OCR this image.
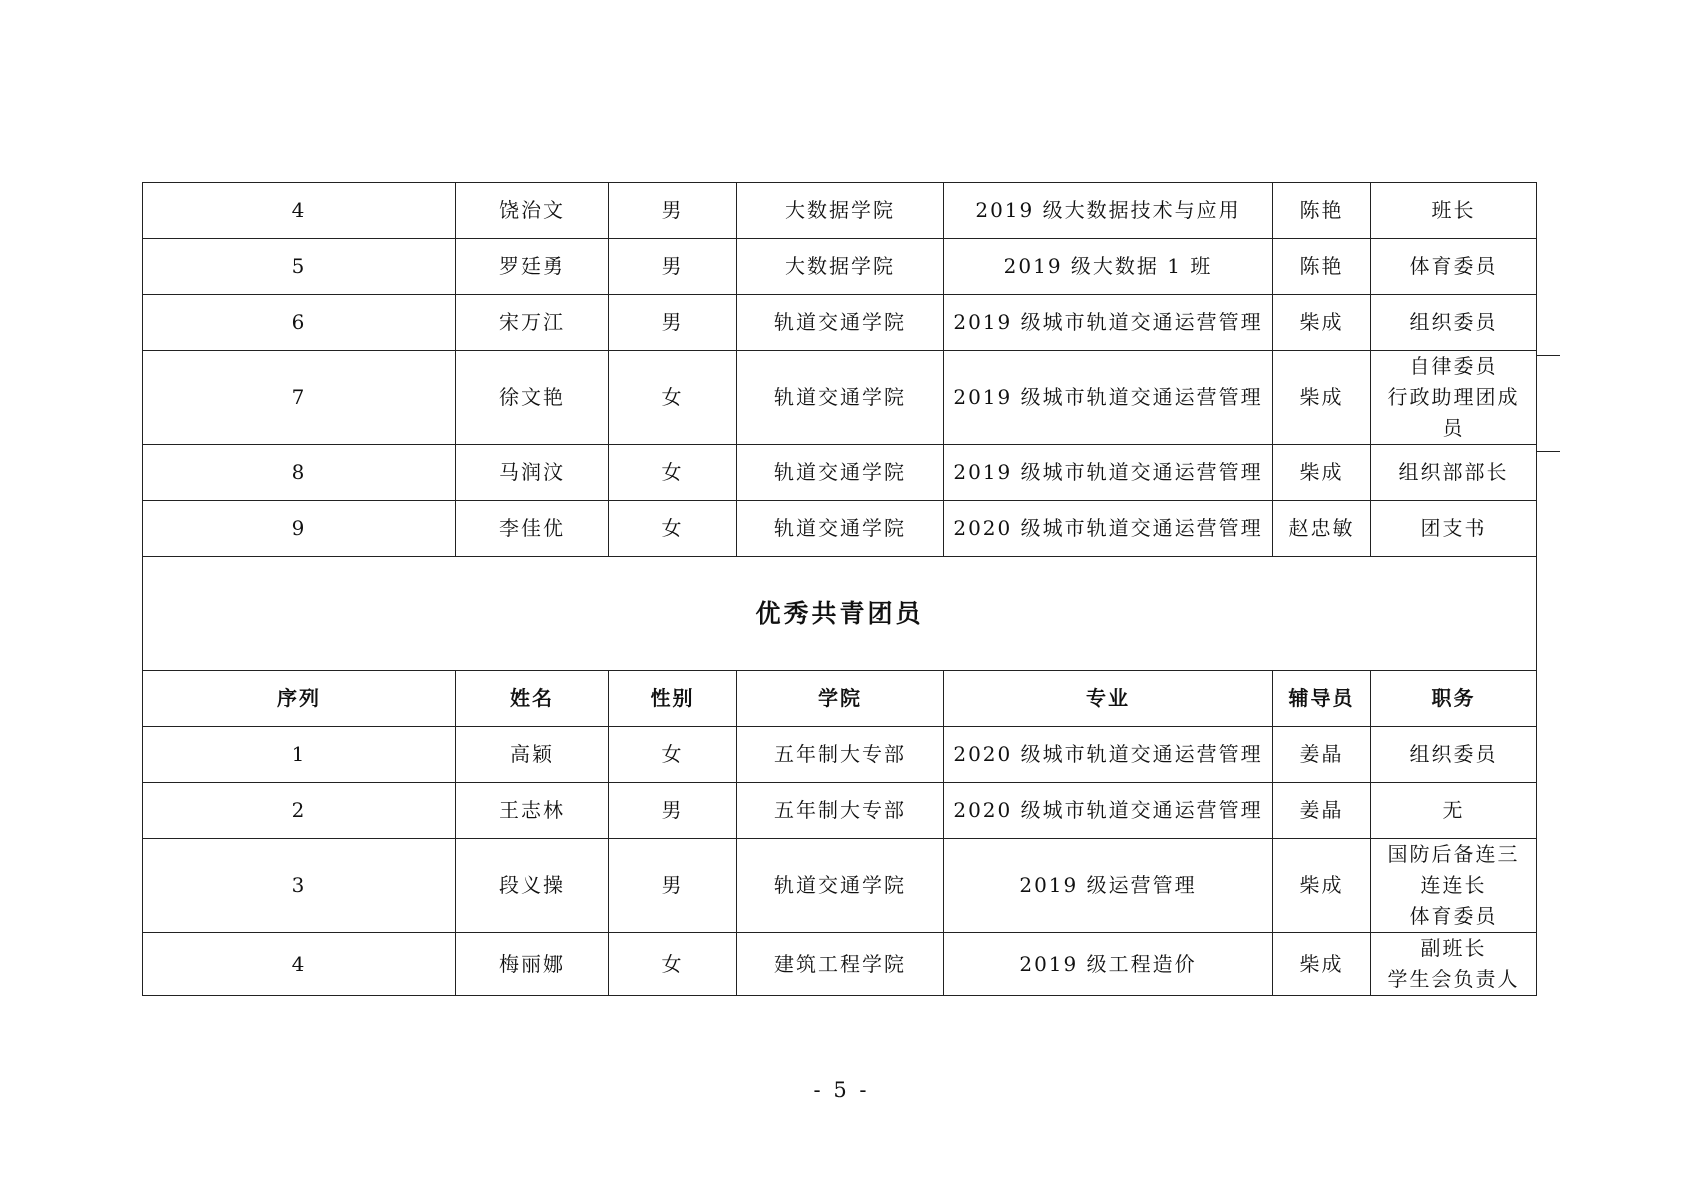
4	饶治文	男	大数据学院	2019 级大数据技术与应用	陈艳	班长

5	罗廷勇	男	大数据学院	2019 级大数据 1 班	陈艳	体育委员

6	宋万江	男	轨道交通学院	2019 级城市轨道交通运营管理	柴成	组织委员

7	徐文艳	女	轨道交通学院	2019 级城市轨道交通运营管理	柴成	自律委员
行政助理团成
员

8	马润汶	女	轨道交通学院	2019 级城市轨道交通运营管理	柴成	组织部部长

9	李佳优	女	轨道交通学院	2020 级城市轨道交通运营管理	赵忠敏	团支书

优秀共青团员						
序列	姓名	性别	学院	专业	辅导员	职务
1	高颖	女	五年制大专部	2020 级城市轨道交通运营管理	姜晶	组织委员

2	王志林	男	五年制大专部	2020 级城市轨道交通运营管理	姜晶	无

3	段义操	男	轨道交通学院	2019 级运营管理	柴成	国防后备连三
连连长
体育委员

4	梅丽娜	女	建筑工程学院	2019 级工程造价	柴成	副班长
学生会负责人
- 5 -
